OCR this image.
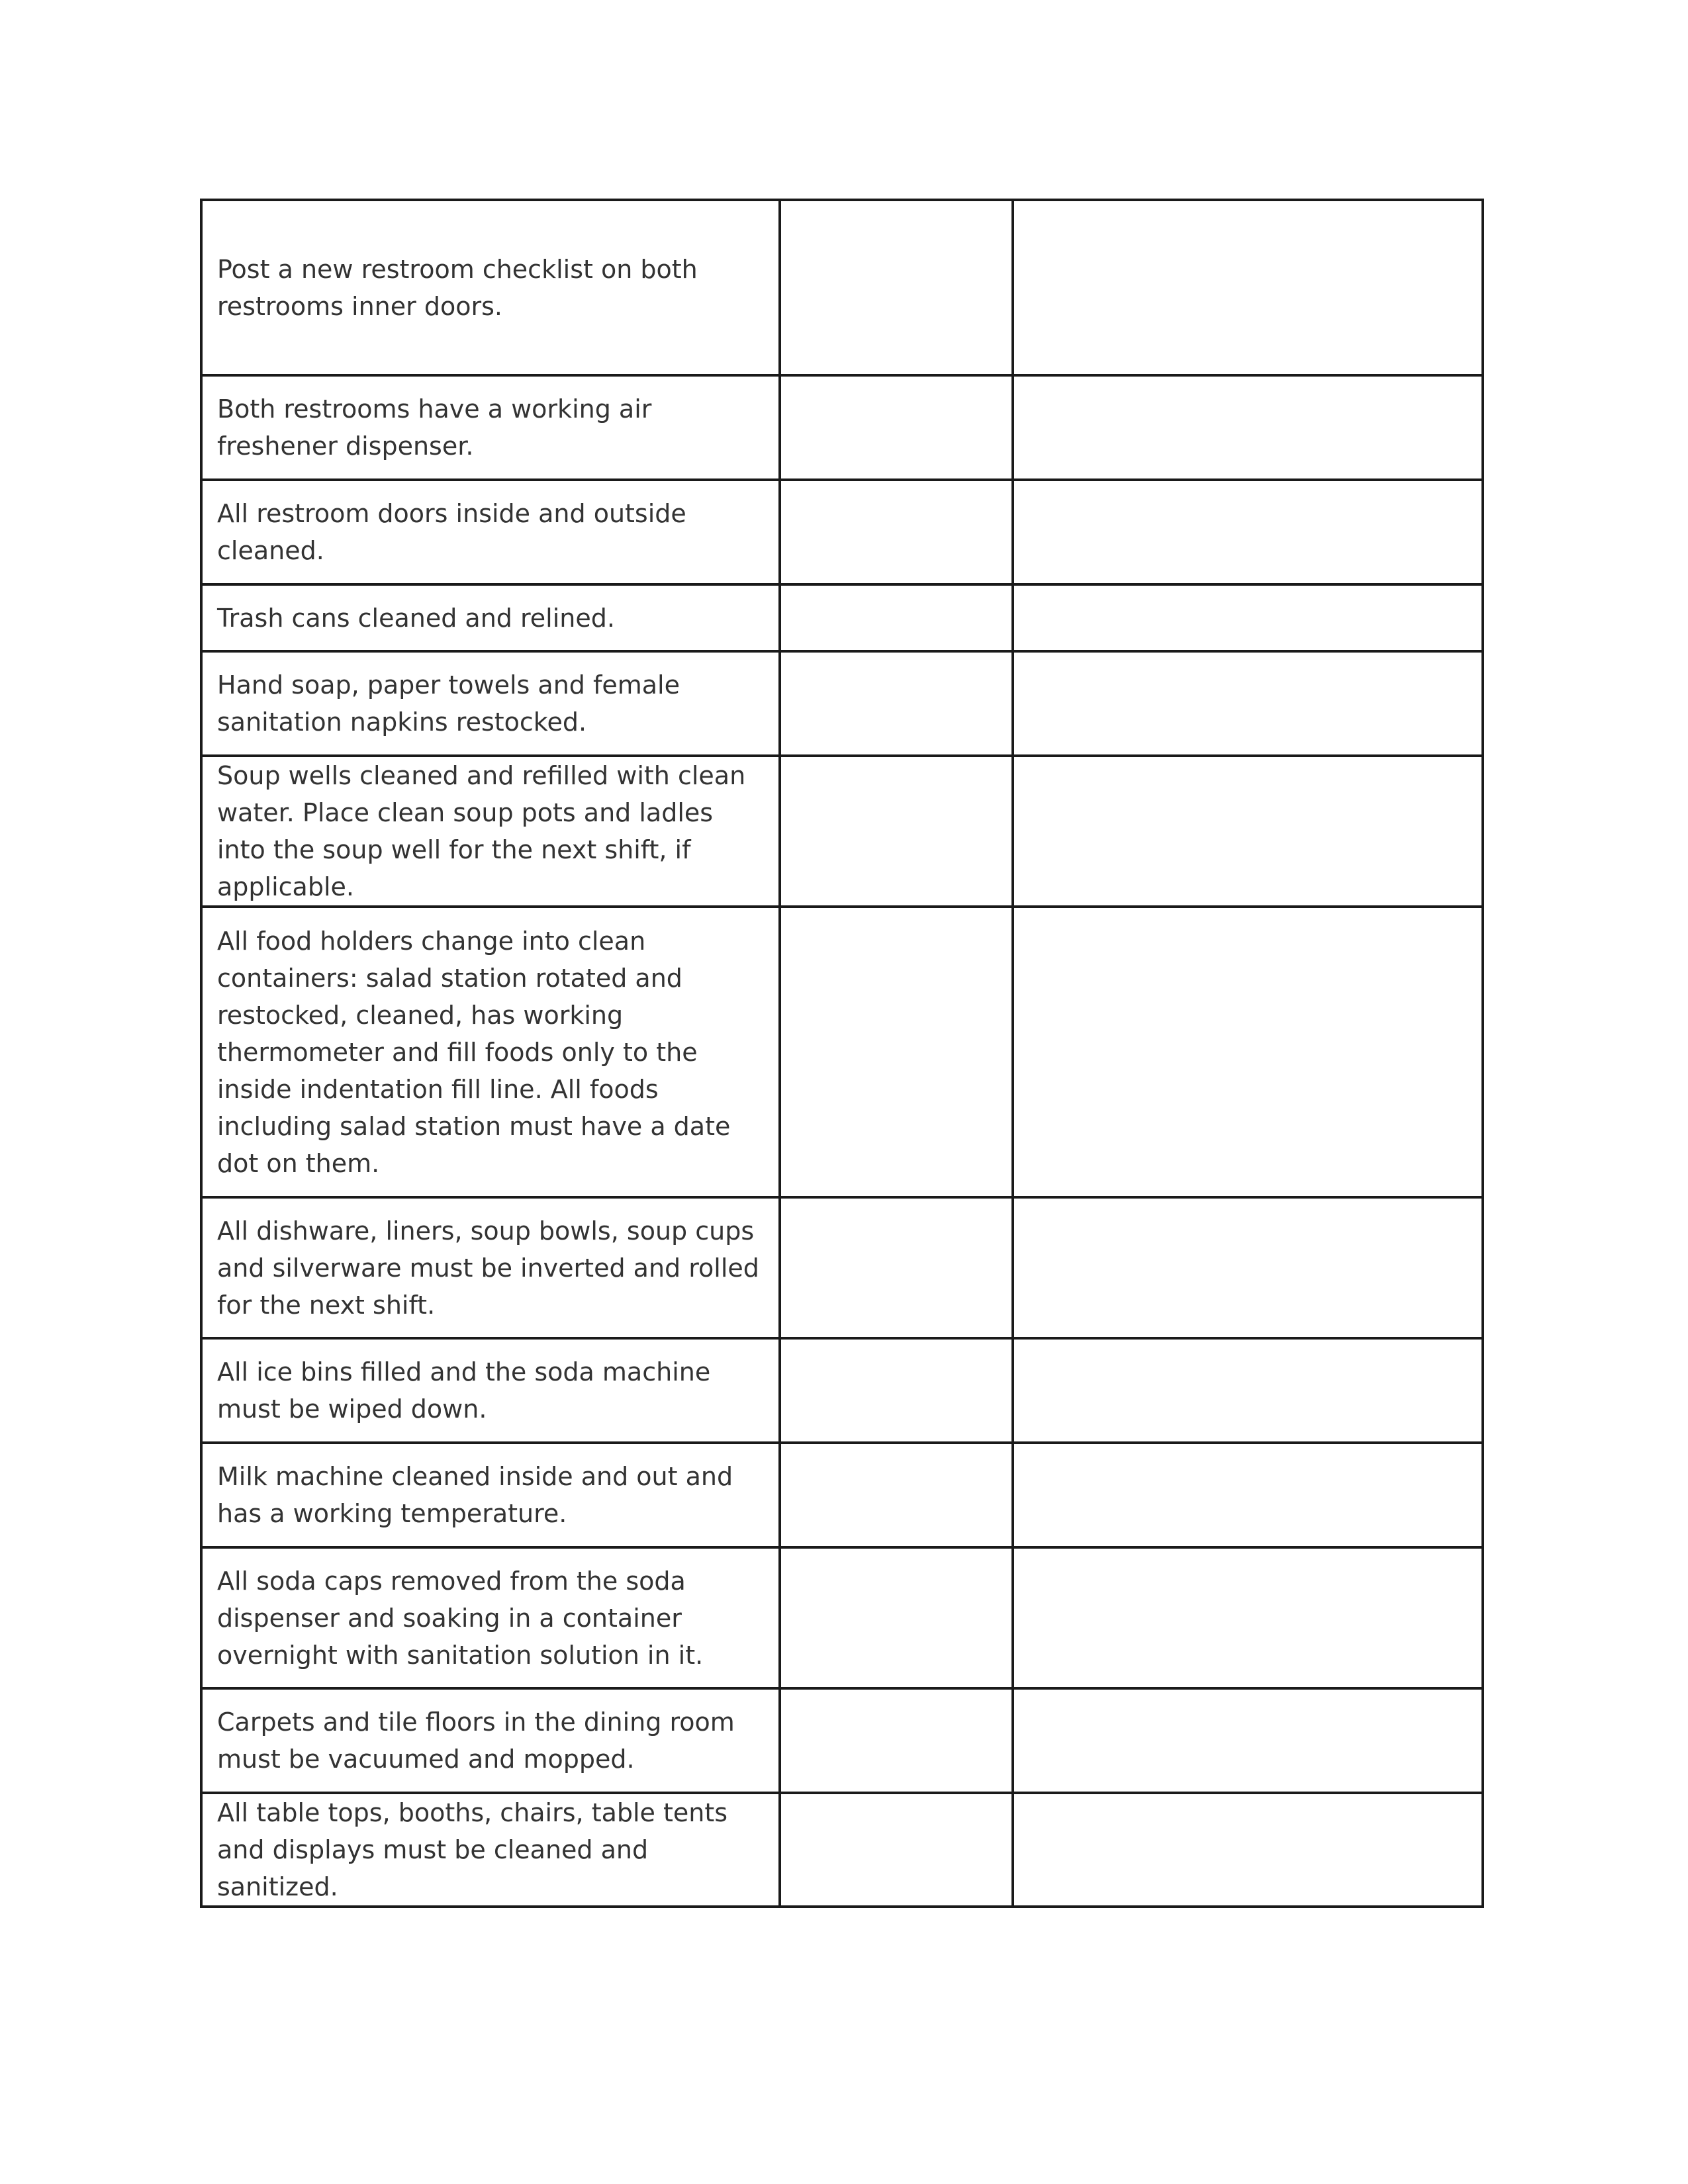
Post a new restroom checklist on both restrooms inner doors.		

Both restrooms have a working air freshener dispenser.		

All restroom doors inside and outside cleaned.		

Trash cans cleaned and relined.		

Hand soap, paper towels and female sanitation napkins restocked.		

Soup wells cleaned and refilled with clean water. Place clean soup pots and ladles into the soup well for the next shift, if applicable.		

All food holders change into clean containers: salad station rotated and restocked, cleaned, has working thermometer and fill foods only to the inside indentation fill line. All foods including salad station must have a date dot on them.		

All dishware, liners, soup bowls, soup cups and silverware must be inverted and rolled for the next shift.		

All ice bins filled and the soda machine must be wiped down.		

Milk machine cleaned inside and out and has a working temperature.		

All soda caps removed from the soda dispenser and soaking in a container overnight with sanitation solution in it.		

Carpets and tile floors in the dining room must be vacuumed and mopped.		

All table tops, booths, chairs, table tents and displays must be cleaned and sanitized.		
